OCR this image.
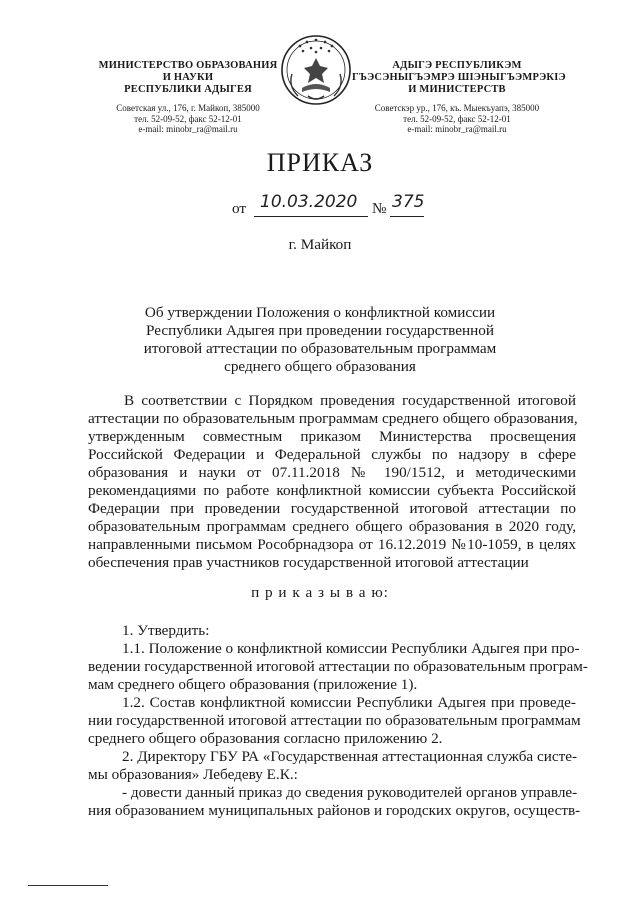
МИНИСТЕРСТВО ОБРАЗОВАНИЯ
И НАУКИ
РЕСПУБЛИКИ АДЫГЕЯ
Советская ул., 176, г. Майкоп, 385000
тел. 52-09-52, факс 52-12-01
e-mail: minobr_ra@mail.ru
АДЫГЭ РЕСПУБЛИКЭМ
ГЪЭСЭНЫГЪЭМРЭ ШIЭНЫГЪЭМРЭКIЭ
И МИНИСТЕРСТВ
Советскэр ур., 176, къ. Мыекъуапэ, 385000
тел. 52-09-52, факс 52-12-01
e-mail: minobr_ra@mail.ru
ПРИКАЗ
от 10.03.2020 № 375
г. Майкоп
Об утверждении Положения о конфликтной комиссии
Республики Адыгея при проведении государственной
итоговой аттестации по образовательным программам
среднего общего образования
В соответствии с Порядком проведения государственной итоговой
аттестации по образовательным программам среднего общего образования,
утвержденным совместным приказом Министерства просвещения
Российской Федерации и Федеральной службы по надзору в сфере
образования и науки от 07.11.2018 № 190/1512, и методическими
рекомендациями по работе конфликтной комиссии субъекта Российской
Федерации при проведении государственной итоговой аттестации по
образовательным программам среднего общего образования в 2020 году,
направленными письмом Рособрнадзора от 16.12.2019 №10-1059, в целях
обеспечения прав участников государственной итоговой аттестации
п р и к а з ы в а ю:
1. Утвердить:
1.1. Положение о конфликтной комиссии Республики Адыгея при про-
ведении государственной итоговой аттестации по образовательным програм-
мам среднего общего образования (приложение 1).
1.2. Состав конфликтной комиссии Республики Адыгея при проведе-
нии государственной итоговой аттестации по образовательным программам
среднего общего образования согласно приложению 2.
2. Директору ГБУ РА «Государственная аттестационная служба систе-
мы образования» Лебедеву Е.К.:
- довести данный приказ до сведения руководителей органов управле-
ния образованием муниципальных районов и городских округов, осуществ-
